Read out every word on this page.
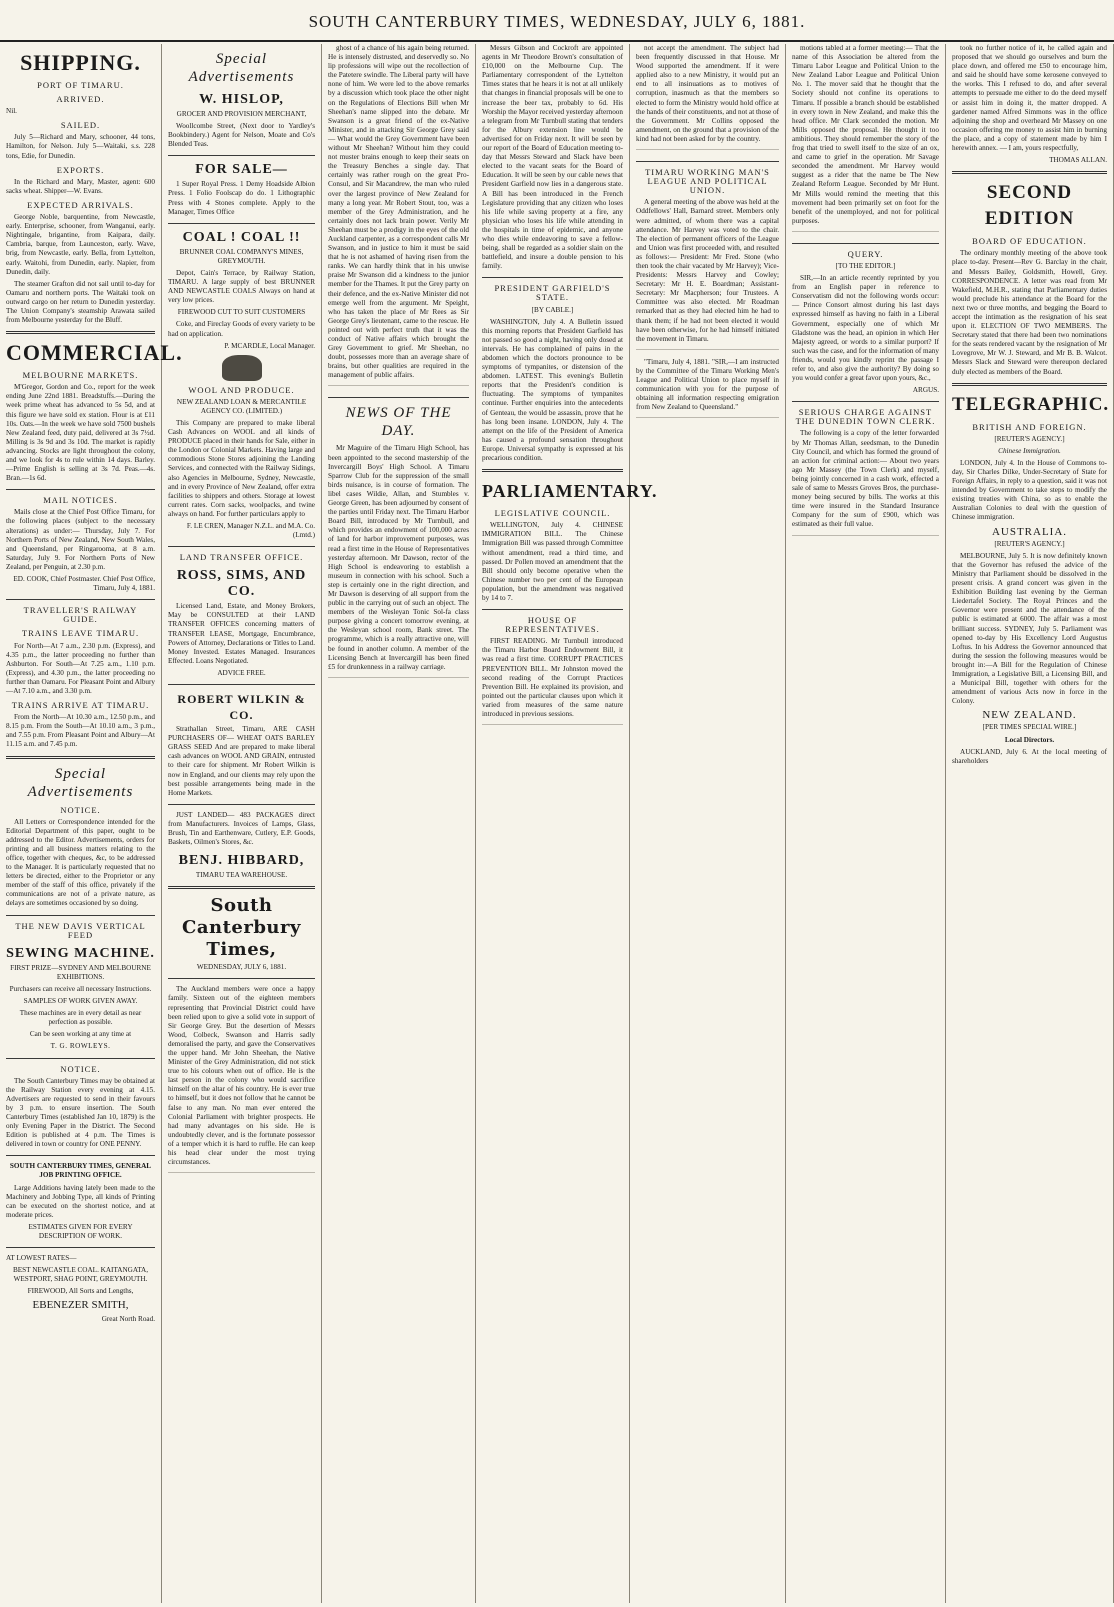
SOUTH CANTERBURY TIMES, WEDNESDAY, JULY 6, 1881.
SHIPPING.
PORT OF TIMARU.
ARRIVED.

Nil.

SAILED.

July 5—Richard and Mary, schooner, 44 tons, Hamilton, for Nelson. July 5—Waitaki, s.s. 228 tons, Edie, for Dunedin.

EXPORTS.

In the Richard and Mary, Master, agent: 600 sacks wheat. Shipper—W. Evans.

EXPECTED ARRIVALS.

George Noble, barquentine, from Newcastle, early. Enterprise, schooner, from Wanganui, early. Nightingale, brigantine, from Kaipara, daily. Cambria, barque, from Launceston, early. Wave, brig, from Newcastle, early. Bella, from Lyttelton, early. Waitohi, from Dunedin, early. Napier, from Dunedin, daily.

The steamer Grafton did not sail until to-day for Oamaru and northern ports. The Waitaki took on outward cargo on her return to Dunedin yesterday. The Union Company's steamship Arawata sailed from Melbourne yesterday for the Bluff.

COMMERCIAL.
MELBOURNE MARKETS.

M'Gregor, Gordon and Co., report for the week ending June 22nd 1881. Breadstuffs.—During the week prime wheat has advanced to 5s 5d, and at this figure we have sold ex station. Flour is at £11 10s. Oats.—In the week we have sold 7500 bushels New Zealand feed, duty paid, delivered at 3s 7½d. Milling is 3s 9d and 3s 10d. The market is rapidly advancing. Stocks are light throughout the colony, and we look for 4s to rule within 14 days. Barley.—Prime English is selling at 3s 7d. Peas.—4s. Bran.—1s 6d.

MAIL NOTICES.

Mails close at the Chief Post Office Timaru, for the following places (subject to the necessary alterations) as under:— Thursday, July 7. For Northern Ports of New Zealand, New South Wales, and Queensland, per Ringarooma, at 8 a.m. Saturday, July 9. For Northern Ports of New Zealand, per Penguin, at 2.30 p.m.

ED. COOK, Chief Postmaster. Chief Post Office, Timaru, July 4, 1881.

TRAVELLER'S RAILWAY GUIDE.
TRAINS LEAVE TIMARU.

For North—At 7 a.m., 2.30 p.m. (Express), and 4.35 p.m., the latter proceeding no further than Ashburton. For South—At 7.25 a.m., 1.10 p.m. (Express), and 4.30 p.m., the latter proceeding no further than Oamaru. For Pleasant Point and Albury—At 7.10 a.m., and 3.30 p.m.

TRAINS ARRIVE AT TIMARU.

From the North—At 10.30 a.m., 12.50 p.m., and 8.15 p.m. From the South—At 10.10 a.m., 3 p.m., and 7.55 p.m. From Pleasant Point and Albury—At 11.15 a.m. and 7.45 p.m.

Special Advertisements
NOTICE.

All Letters or Correspondence intended for the Editorial Department of this paper, ought to be addressed to the Editor. Advertisements, orders for printing and all business matters relating to the office, together with cheques, &c, to be addressed to the Manager. It is particularly requested that no letters be directed, either to the Proprietor or any member of the staff of this office, privately if the communications are not of a private nature, as delays are sometimes occasioned by so doing.

THE NEW DAVIS VERTICAL FEED
SEWING MACHINE.

FIRST PRIZE—SYDNEY AND MELBOURNE EXHIBITIONS.

Purchasers can receive all necessary Instructions.

SAMPLES OF WORK GIVEN AWAY.

These machines are in every detail as near perfection as possible.

Can be seen working at any time at

T. G. ROWLEYS.

NOTICE.

The South Canterbury Times may be obtained at the Railway Station every evening at 4.15. Advertisers are requested to send in their favours by 3 p.m. to ensure insertion. The South Canterbury Times (established Jan 10, 1879) is the only Evening Paper in the District. The Second Edition is published at 4 p.m. The Times is delivered in town or country for ONE PENNY.

SOUTH CANTERBURY TIMES, GENERAL JOB PRINTING OFFICE.

Large Additions having lately been made to the Machinery and Jobbing Type, all kinds of Printing can be executed on the shortest notice, and at moderate prices.

ESTIMATES GIVEN FOR EVERY DESCRIPTION OF WORK.

AT LOWEST RATES—

BEST NEWCASTLE COAL. KAITANGATA, WESTPORT, SHAG POINT, GREYMOUTH.

FIREWOOD, All Sorts and Lengths,

EBENEZER SMITH,

Great North Road.

Special Advertisements
W. HISLOP,

GROCER AND PROVISION MERCHANT,

Woollcombe Street, (Next door to Yardley's Bookbindery.) Agent for Nelson, Moate and Co's Blended Teas.

FOR SALE—

1 Super Royal Press. 1 Demy Hoadside Albion Press. 1 Folio Foolscap do do. 1 Lithographic Press with 4 Stones complete. Apply to the Manager, Times Office

COAL ! COAL !!

BRUNNER COAL COMPANY'S MINES, GREYMOUTH.

Depot, Cain's Terrace, by Railway Station, TIMARU. A large supply of best BRUNNER AND NEWCASTLE COALS Always on hand at very low prices.

FIREWOOD CUT TO SUIT CUSTOMERS

Coke, and Fireclay Goods of every variety to be had on application.

P. MCARDLE, Local Manager.

WOOL AND PRODUCE.

NEW ZEALAND LOAN & MERCANTILE AGENCY CO. (LIMITED.)

This Company are prepared to make liberal Cash Advances on WOOL and all kinds of PRODUCE placed in their hands for Sale, either in the London or Colonial Markets. Having large and commodious Stone Stores adjoining the Landing Services, and connected with the Railway Sidings, also Agencies in Melbourne, Sydney, Newcastle, and in every Province of New Zealand, offer extra facilities to shippers and others. Storage at lowest current rates. Corn sacks, woolpacks, and twine always on hand. For further particulars apply to

F. LE CREN, Manager N.Z.L. and M.A. Co. (Lmtd.)

LAND TRANSFER OFFICE.
ROSS, SIMS, AND CO.

Licensed Land, Estate, and Money Brokers, May be CONSULTED at their LAND TRANSFER OFFICES concerning matters of TRANSFER LEASE, Mortgage, Encumbrance, Powers of Attorney, Declarations or Titles to Land. Money Invested. Estates Managed. Insurances Effected. Loans Negotiated.

ADVICE FREE.

ROBERT WILKIN & CO.

Strathallan Street, Timaru, ARE CASH PURCHASERS OF— WHEAT OATS BARLEY GRASS SEED And are prepared to make liberal cash advances on WOOL AND GRAIN, entrusted to their care for shipment. Mr Robert Wilkin is now in England, and our clients may rely upon the best possible arrangements being made in the Home Markets.

JUST LANDED— 483 PACKAGES direct from Manufacturers. Invoices of Lamps, Glass, Brush, Tin and Earthenware, Cutlery, E.P. Goods, Baskets, Oilmen's Stores, &c.

BENJ. HIBBARD,

TIMARU TEA WAREHOUSE.

South Canterbury Times,

WEDNESDAY, JULY 6, 1881.

The Auckland members were once a happy family. Sixteen out of the eighteen members representing that Provincial District could have been relied upon to give a solid vote in support of Sir George Grey. But the desertion of Messrs Wood, Colbeck, Swanson and Harris sadly demoralised the party, and gave the Conservatives the upper hand. Mr John Sheehan, the Native Minister of the Grey Administration, did not stick true to his colours when out of office. He is the last person in the colony who would sacrifice himself on the altar of his country. He is ever true to himself, but it does not follow that he cannot be false to any man. No man ever entered the Colonial Parliament with brighter prospects. He had many advantages on his side. He is undoubtedly clever, and is the fortunate possessor of a temper which it is hard to ruffle. He can keep his head clear under the most trying circumstances.

ghost of a chance of his again being returned. He is intensely distrusted, and deservedly so. No lip professions will wipe out the recollection of the Patetere swindle. The Liberal party will have none of him. We were led to the above remarks by a discussion which took place the other night on the Regulations of Elections Bill when Mr Sheehan's name slipped into the debate. Mr Swanson is a great friend of the ex-Native Minister, and in attacking Sir George Grey said — What would the Grey Government have been without Mr Sheehan? Without him they could not muster brains enough to keep their seats on the Treasury Benches a single day. That certainly was rather rough on the great Pro-Consul, and Sir Macandrew, the man who ruled over the largest province of New Zealand for many a long year. Mr Robert Stout, too, was a member of the Grey Administration, and he certainly does not lack brain power. Verily Mr Sheehan must be a prodigy in the eyes of the old Auckland carpenter, as a correspondent calls Mr Swanson, and in justice to him it must be said that he is not ashamed of having risen from the ranks. We can hardly think that in his unwise praise Mr Swanson did a kindness to the junior member for the Thames. It put the Grey party on their defence, and the ex-Native Minister did not emerge well from the argument. Mr Speight, who has taken the place of Mr Rees as Sir George Grey's lieutenant, came to the rescue. He pointed out with perfect truth that it was the conduct of Native affairs which brought the Grey Government to grief. Mr Sheehan, no doubt, possesses more than an average share of brains, but other qualities are required in the management of public affairs.

NEWS OF THE DAY.

Mr Maguire of the Timaru High School, has been appointed to the second mastership of the Invercargill Boys' High School. A Timaru Sparrow Club for the suppression of the small birds nuisance, is in course of formation. The libel cases Wildie, Allan, and Stumbles v. George Green, has been adjourned by consent of the parties until Friday next. The Timaru Harbor Board Bill, introduced by Mr Turnbull, and which provides an endowment of 100,000 acres of land for harbor improvement purposes, was read a first time in the House of Representatives yesterday afternoon. Mr Dawson, rector of the High School is endeavoring to establish a museum in connection with his school. Such a step is certainly one in the right direction, and Mr Dawson is deserving of all support from the public in the carrying out of such an object. The members of the Wesleyan Tonic Sol-fa class purpose giving a concert tomorrow evening, at the Wesleyan school room, Bank street. The programme, which is a really attractive one, will be found in another column. A member of the Licensing Bench at Invercargill has been fined £5 for drunkenness in a railway carriage.

Messrs Gibson and Cockroft are appointed agents in Mr Theodore Brown's consultation of £10,000 on the Melbourne Cup. The Parliamentary correspondent of the Lyttelton Times states that he hears it is not at all unlikely that changes in financial proposals will be one to increase the beer tax, probably to 6d. His Worship the Mayor received yesterday afternoon a telegram from Mr Turnbull stating that tenders for the Albury extension line would be advertised for on Friday next. It will be seen by our report of the Board of Education meeting to-day that Messrs Steward and Slack have been elected to the vacant seats for the Board of Education. It will be seen by our cable news that President Garfield now lies in a dangerous state. A Bill has been introduced in the French Legislature providing that any citizen who loses his life while saving property at a fire, any physician who loses his life while attending in the hospitals in time of epidemic, and anyone who dies while endeavoring to save a fellow-being, shall be regarded as a soldier slain on the battlefield, and insure a double pension to his family.

PRESIDENT GARFIELD'S STATE.

[BY CABLE.]

WASHINGTON, July 4. A Bulletin issued this morning reports that President Garfield has not passed so good a night, having only dosed at intervals. He has complained of pains in the abdomen which the doctors pronounce to be symptoms of tympanites, or distension of the abdomen. LATEST. This evening's Bulletin reports that the President's condition is fluctuating. The symptoms of tympanites continue. Further enquiries into the antecedents of Genteau, the would be assassin, prove that he has long been insane. LONDON, July 4. The attempt on the life of the President of America has caused a profound sensation throughout Europe. Universal sympathy is expressed at his precarious condition.

PARLIAMENTARY.
LEGISLATIVE COUNCIL.

WELLINGTON, July 4. CHINESE IMMIGRATION BILL. The Chinese Immigration Bill was passed through Committee without amendment, read a third time, and passed. Dr Pollen moved an amendment that the Bill should only become operative when the Chinese number two per cent of the European population, but the amendment was negatived by 14 to 7.

HOUSE OF REPRESENTATIVES.

FIRST READING. Mr Turnbull introduced the Timaru Harbor Board Endowment Bill, it was read a first time. CORRUPT PRACTICES PREVENTION BILL. Mr Johnston moved the second reading of the Corrupt Practices Prevention Bill. He explained its provision, and pointed out the particular clauses upon which it varied from measures of the same nature introduced in previous sessions.

not accept the amendment. The subject had been frequently discussed in that House. Mr Wood supported the amendment. If it were applied also to a new Ministry, it would put an end to all insinuations as to motives of corruption, inasmuch as that the members so elected to form the Ministry would hold office at the hands of their constituents, and not at those of the Government. Mr Collins opposed the amendment, on the ground that a provision of the kind had not been asked for by the country.

TIMARU WORKING MAN'S LEAGUE AND POLITICAL UNION.

A general meeting of the above was held at the Oddfellows' Hall, Barnard street. Members only were admitted, of whom there was a capital attendance. Mr Harvey was voted to the chair. The election of permanent officers of the League and Union was first proceeded with, and resulted as follows:— President: Mr Fred. Stone (who then took the chair vacated by Mr Harvey); Vice-Presidents: Messrs Harvey and Cowley; Secretary: Mr H. E. Boardman; Assistant-Secretary: Mr Macpherson; four Trustees. A Committee was also elected. Mr Roadman remarked that as they had elected him he had to thank them; if he had not been elected it would have been otherwise, for he had himself initiated the movement in Timaru.

"Timaru, July 4, 1881. "SIR,—I am instructed by the Committee of the Timaru Working Men's League and Political Union to place myself in communication with you for the purpose of obtaining all information respecting emigration from New Zealand to Queensland."

motions tabled at a former meeting:— That the name of this Association be altered from the Timaru Labor League and Political Union to the New Zealand Labor League and Political Union No. 1. The mover said that he thought that the Society should not confine its operations to Timaru. If possible a branch should be established in every town in New Zealand, and make this the head office. Mr Clark seconded the motion. Mr Mills opposed the proposal. He thought it too ambitious. They should remember the story of the frog that tried to swell itself to the size of an ox, and came to grief in the operation. Mr Savage seconded the amendment. Mr Harvey would suggest as a rider that the name be The New Zealand Reform League. Seconded by Mr Hunt. Mr Mills would remind the meeting that this movement had been primarily set on foot for the benefit of the unemployed, and not for political purposes.

QUERY.

[TO THE EDITOR.]

SIR,—In an article recently reprinted by you from an English paper in reference to Conservatism did not the following words occur:— Prince Consort almost during his last days expressed himself as having no faith in a Liberal Government, especially one of which Mr Gladstone was the head, an opinion in which Her Majesty agreed, or words to a similar purport? If such was the case, and for the information of many friends, would you kindly reprint the passage I refer to, and also give the authority? By doing so you would confer a great favor upon yours, &c.,

ARGUS.

SERIOUS CHARGE AGAINST THE DUNEDIN TOWN CLERK.

The following is a copy of the letter forwarded by Mr Thomas Allan, seedsman, to the Dunedin City Council, and which has formed the ground of an action for criminal action:— About two years ago Mr Massey (the Town Clerk) and myself, being jointly concerned in a cash work, effected a sale of same to Messrs Groves Bros, the purchase-money being secured by bills. The works at this time were insured in the Standard Insurance Company for the sum of £900, which was estimated as their full value.

took no further notice of it, he called again and proposed that we should go ourselves and burn the place down, and offered me £50 to encourage him, and said he should have some kerosene conveyed to the works. This I refused to do, and after several attempts to persuade me either to do the deed myself or assist him in doing it, the matter dropped. A gardener named Alfred Simmons was in the office adjoining the shop and overheard Mr Massey on one occasion offering me money to assist him in burning the place, and a copy of statement made by him I herewith annex. — I am, yours respectfully,

THOMAS ALLAN.

SECOND EDITION
BOARD OF EDUCATION.

The ordinary monthly meeting of the above took place to-day. Present—Rev G. Barclay in the chair, and Messrs Bailey, Goldsmith, Howell, Grey. CORRESPONDENCE. A letter was read from Mr Wakefield, M.H.R., stating that Parliamentary duties would preclude his attendance at the Board for the next two or three months, and begging the Board to accept the intimation as the resignation of his seat upon it. ELECTION OF TWO MEMBERS. The Secretary stated that there had been two nominations for the seats rendered vacant by the resignation of Mr Lovegrove, Mr W. J. Steward, and Mr B. B. Walcot. Messrs Slack and Steward were thereupon declared duly elected as members of the Board.

TELEGRAPHIC.
BRITISH AND FOREIGN.

[REUTER'S AGENCY.]

Chinese Immigration.

LONDON, July 4. In the House of Commons to-day, Sir Charles Dilke, Under-Secretary of State for Foreign Affairs, in reply to a question, said it was not intended by Government to take steps to modify the existing treaties with China, so as to enable the Australian Colonies to deal with the question of Chinese immigration.

AUSTRALIA.

[REUTER'S AGENCY.]

MELBOURNE, July 5. It is now definitely known that the Governor has refused the advice of the Ministry that Parliament should be dissolved in the present crisis. A grand concert was given in the Exhibition Building last evening by the German Liedertafel Society. The Royal Princes and the Governor were present and the attendance of the public is estimated at 6000. The affair was a most brilliant success. SYDNEY, July 5. Parliament was opened to-day by His Excellency Lord Augustus Loftus. In his Address the Governor announced that during the session the following measures would be brought in:—A Bill for the Regulation of Chinese Immigration, a Legislative Bill, a Licensing Bill, and a Municipal Bill, together with others for the amendment of various Acts now in force in the Colony.

NEW ZEALAND.

[PER TIMES SPECIAL WIRE.]

Local Directors.

AUCKLAND, July 6. At the local meeting of shareholders
